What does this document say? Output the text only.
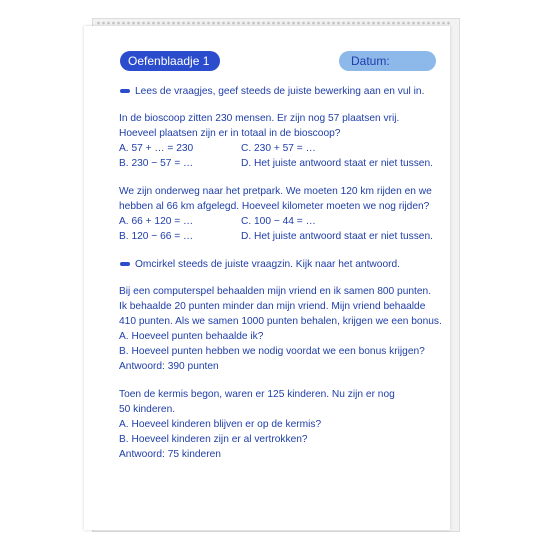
Oefenblaadje 1	Datum:
Lees de vraagjes, geef steeds de juiste bewerking aan en vul in.
In de bioscoop zitten 230 mensen. Er zijn nog 57 plaatsen vrij.
Hoeveel plaatsen zijn er in totaal in de bioscoop?
A. 57 + … = 230	C. 230 + 57 = …
B. 230 − 57 = …	D. Het juiste antwoord staat er niet tussen.
We zijn onderweg naar het pretpark. We moeten 120 km rijden en we
hebben al 66 km afgelegd. Hoeveel kilometer moeten we nog rijden?
A. 66 + 120 = …	C. 100 − 44 = …
B. 120 − 66 = …	D. Het juiste antwoord staat er niet tussen.
Omcirkel steeds de juiste vraagzin. Kijk naar het antwoord.
Bij een computerspel behaalden mijn vriend en ik samen 800 punten.
Ik behaalde 20 punten minder dan mijn vriend. Mijn vriend behaalde
410 punten. Als we samen 1000 punten behalen, krijgen we een bonus.
A. Hoeveel punten behaalde ik?
B. Hoeveel punten hebben we nodig voordat we een bonus krijgen?
Antwoord: 390 punten
Toen de kermis begon, waren er 125 kinderen. Nu zijn er nog
50 kinderen.
A. Hoeveel kinderen blijven er op de kermis?
B. Hoeveel kinderen zijn er al vertrokken?
Antwoord: 75 kinderen
